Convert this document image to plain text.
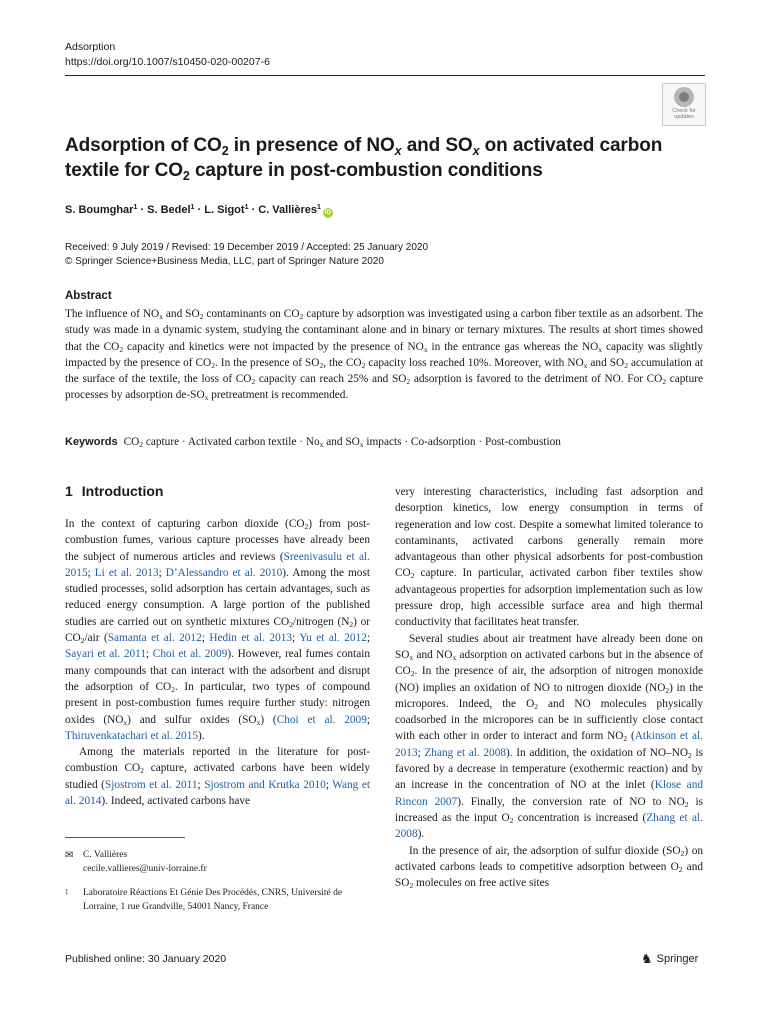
Adsorption
https://doi.org/10.1007/s10450-020-00207-6
Check for
updates
Adsorption of $CO_2$ in presence of $NO_x$ and $SO_x$ on activated carbon
textile for $CO_2$ capture in post-combustion conditions
S. Boumghar$^1$ · S. Bedel$^1$ · L. Sigot$^1$ · C. Vallières$^1$iD
Received: 9 July 2019 / Revised: 19 December 2019 / Accepted: 25 January 2020
© Springer Science+Business Media, LLC, part of Springer Nature 2020
Abstract
The influence of $NO_x$ and $SO_2$ contaminants on $CO_2$ capture by adsorption was investigated using a carbon fiber textile as an adsorbent. The study was made in a dynamic system, studying the contaminant alone and in binary or ternary mixtures. The results at short times showed that the $CO_2$ capacity and kinetics were not impacted by the presence of $NO_x$ in the entrance gas whereas the $NO_x$ capacity was slightly impacted by the presence of $CO_2$. In the presence of $SO_2$, the $CO_2$ capacity loss reached 10%. Moreover, with $NO_x$ and $SO_2$ accumulation at the surface of the textile, the loss of $CO_2$ capacity can reach 25% and $SO_2$ adsorption is favored to the detriment of NO. For $CO_2$ capture processes by adsorption $de-SO_x$ pretreatment is recommended.
Keywords $CO_2$ capture · Activated carbon textile · $No_x$ and $SO_x$ impacts · Co-adsorption · Post-combustion
1 Introduction

In the context of capturing carbon dioxide $(CO_2)$ from post-combustion fumes, various capture processes have already been the subject of numerous articles and reviews (Sreenivasulu et al. 2015; Li et al. 2013; D’Alessandro et al. 2010). Among the most studied processes, solid adsorption has certain advantages, such as reduced energy consumption. A large portion of the published studies are carried out on synthetic mixtures $CO_2$/nitrogen $(N_2)$ or $CO_2$/air (Samanta et al. 2012; Hedin et al. 2013; Yu et al. 2012; Sayari et al. 2011; Choi et al. 2009). However, real fumes contain many compounds that can interact with the adsorbent and disrupt the adsorption of $CO_2$. In particular, two types of compound present in post-combustion fumes require further study: nitrogen oxides $(NO_x)$ and sulfur oxides $(SO_x)$ (Choi et al. 2009; Thiruvenkatachari et al. 2015).

Among the materials reported in the literature for post-combustion $CO_2$ capture, activated carbons have been widely studied (Sjostrom et al. 2011; Sjostrom and Krutka 2010; Wang et al. 2014). Indeed, activated carbons have

very interesting characteristics, including fast adsorption and desorption kinetics, low energy consumption in terms of regeneration and low cost. Despite a somewhat limited tolerance to contaminants, activated carbons generally remain more advantageous than other physical adsorbents for post-combustion $CO_2$ capture. In particular, activated carbon fiber textiles show advantageous properties for adsorption implementation such as low pressure drop, high accessible surface area and high thermal conductivity that facilitates heat transfer.

Several studies about air treatment have already been done on $SO_x$ and $NO_x$ adsorption on activated carbons but in the absence of $CO_2$. In the presence of air, the adsorption of nitrogen monoxide (NO) implies an oxidation of NO to nitrogen dioxide $(NO_2)$ in the micropores. Indeed, the $O_2$ and NO molecules physically coadsorbed in the micropores can be in sufficiently close contact with each other in order to interact and form $NO_2$ (Atkinson et al. 2013; Zhang et al. 2008). In addition, the oxidation of $NO-NO_2$ is favored by a decrease in temperature (exothermic reaction) and by an increase in the concentration of NO at the inlet (Klose and Rincon 2007). Finally, the conversion rate of NO to $NO_2$ is increased as the input $O_2$ concentration is increased (Zhang et al. 2008).

In the presence of air, the adsorption of sulfur dioxide $(SO_2)$ on activated carbons leads to competitive adsorption between $O_2$ and $SO_2$ molecules on free active sites

✉	C. Vallières
cecile.vallieres@univ-lorraine.fr
1	Laboratoire Réactions Et Génie Des Procédés, CNRS, Université de Lorraine, 1 rue Grandville, 54001 Nancy, France
Published online: 30 January 2020	♞ Springer
